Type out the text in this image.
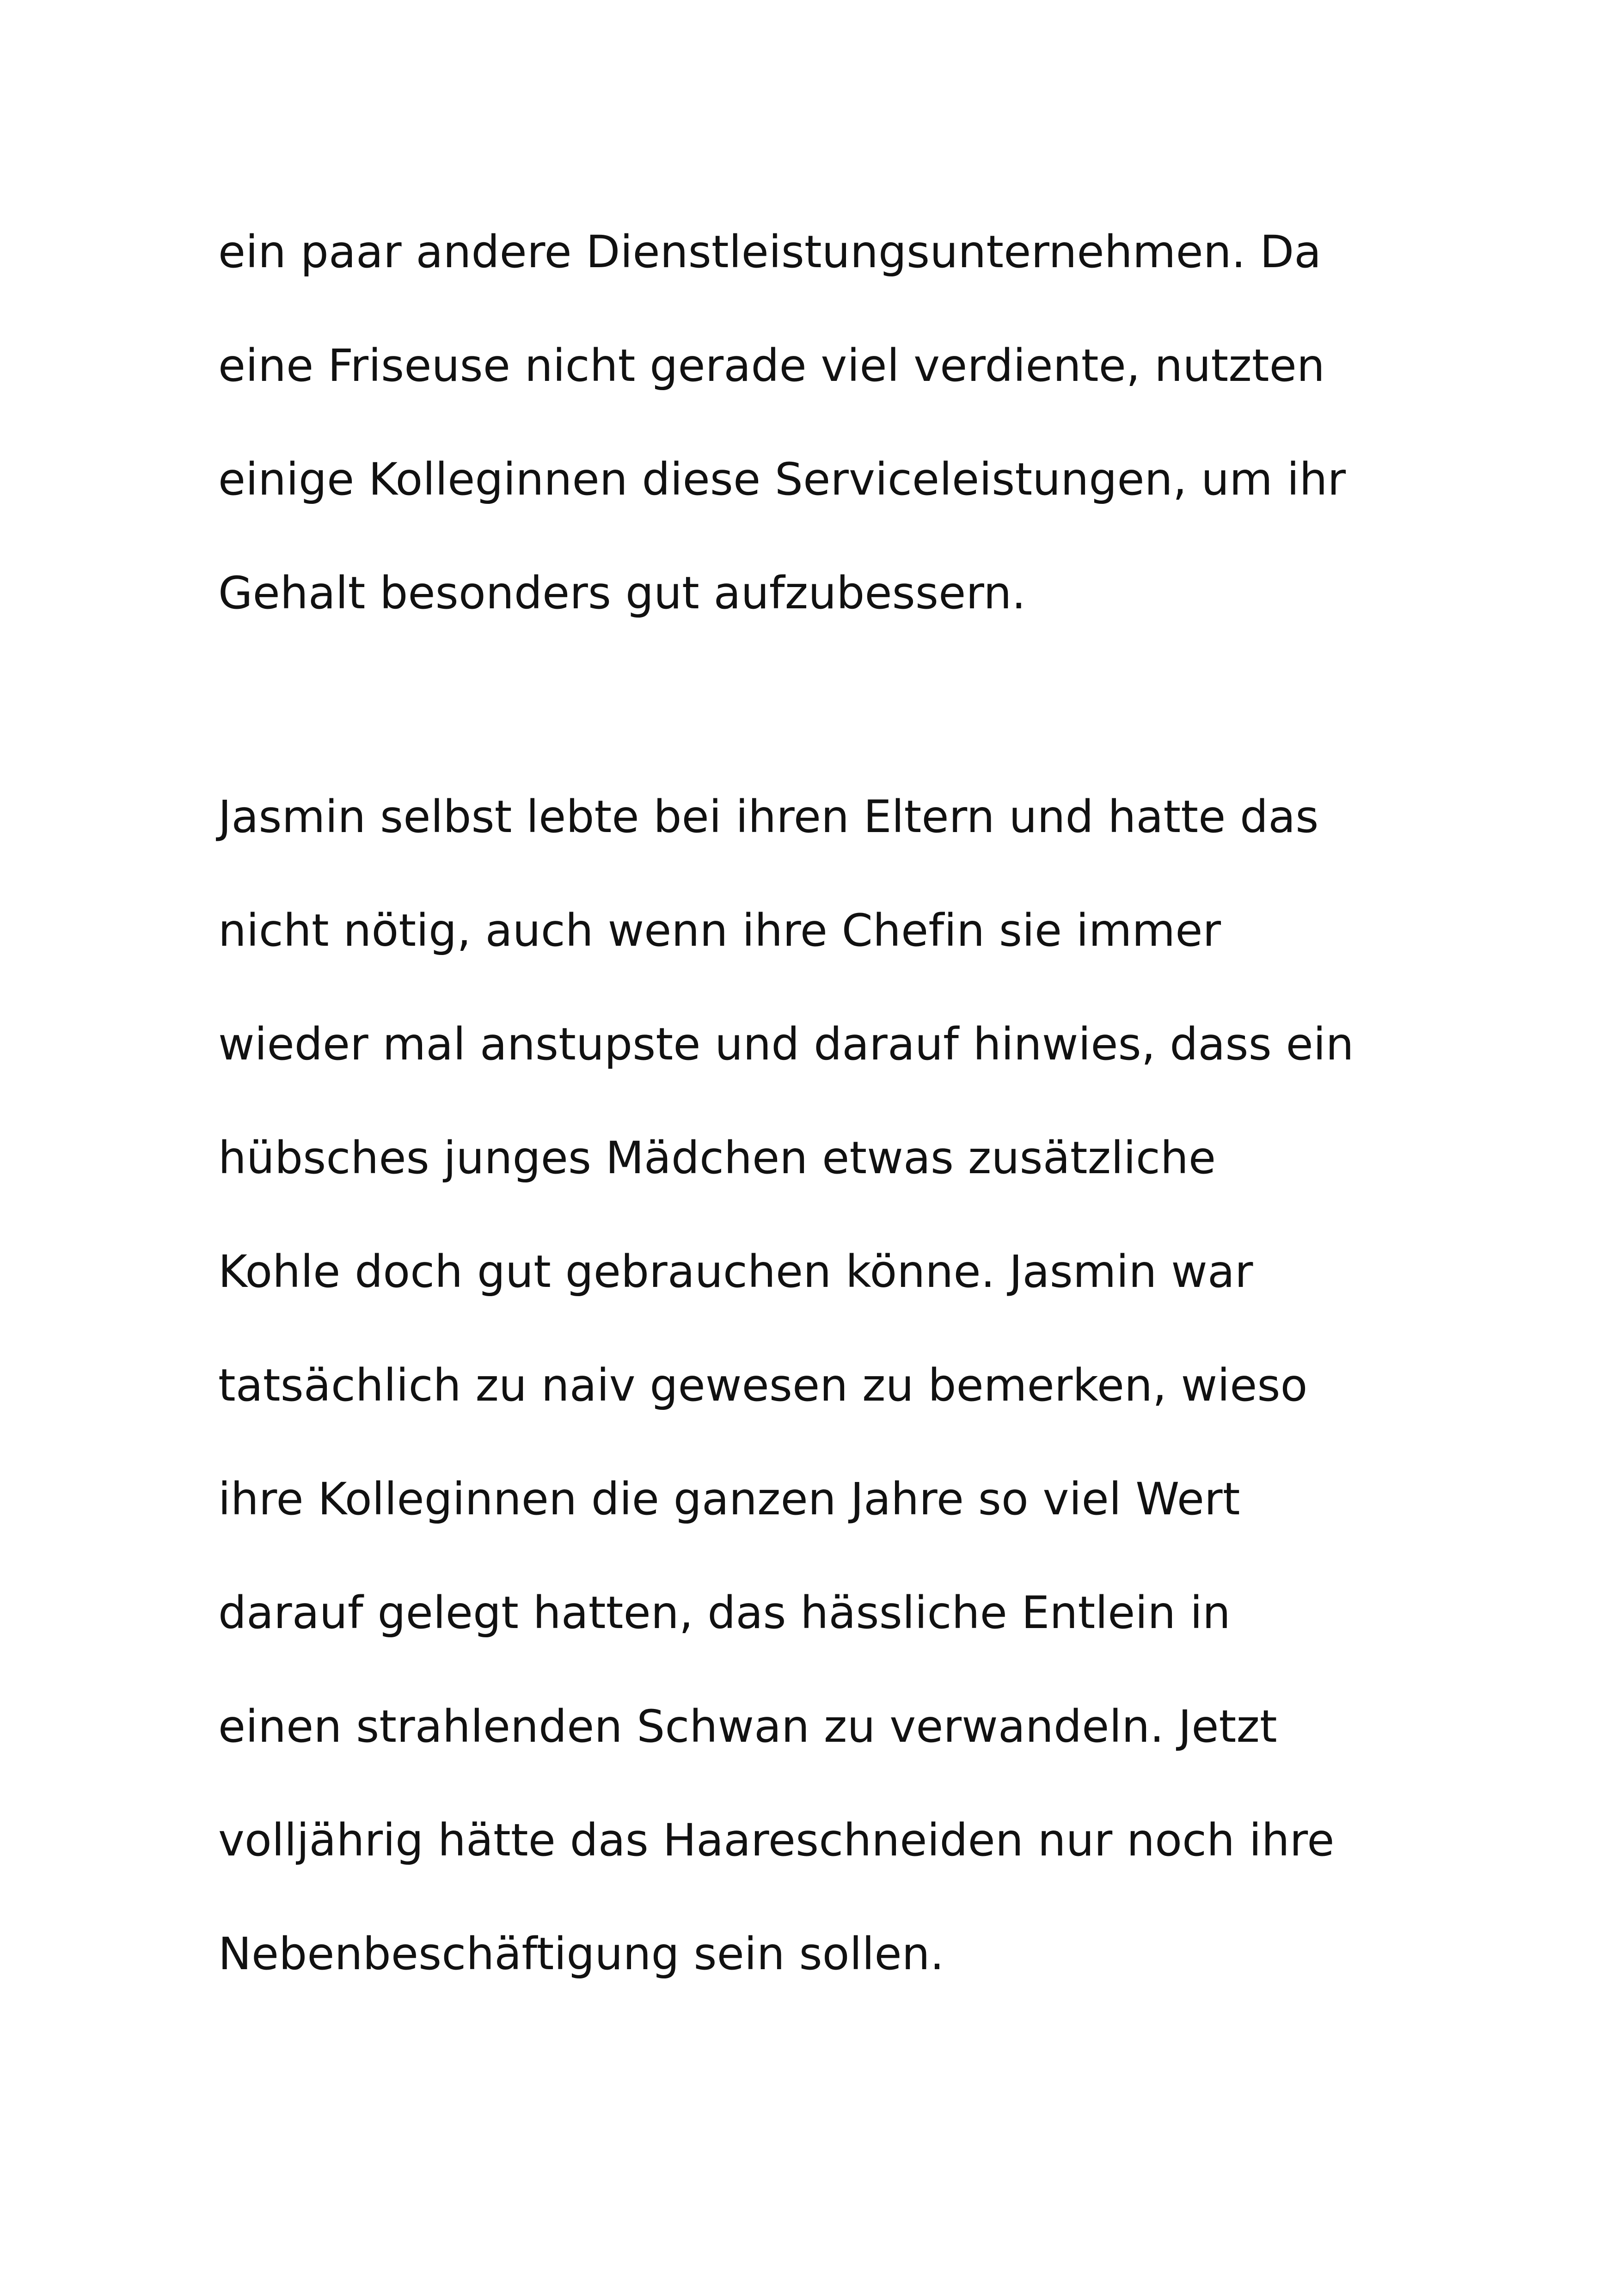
ein paar andere Dienstleistungsunternehmen. Da

eine Friseuse nicht gerade viel verdiente, nutzten

einige Kolleginnen diese Serviceleistungen, um ihr

Gehalt besonders gut aufzubessern.

Jasmin selbst lebte bei ihren Eltern und hatte das

nicht nötig, auch wenn ihre Chefin sie immer

wieder mal anstupste und darauf hinwies, dass ein

hübsches junges Mädchen etwas zusätzliche

Kohle doch gut gebrauchen könne. Jasmin war

tatsächlich zu naiv gewesen zu bemerken, wieso

ihre Kolleginnen die ganzen Jahre so viel Wert

darauf gelegt hatten, das hässliche Entlein in

einen strahlenden Schwan zu verwandeln. Jetzt

volljährig hätte das Haareschneiden nur noch ihre

Nebenbeschäftigung sein sollen.
